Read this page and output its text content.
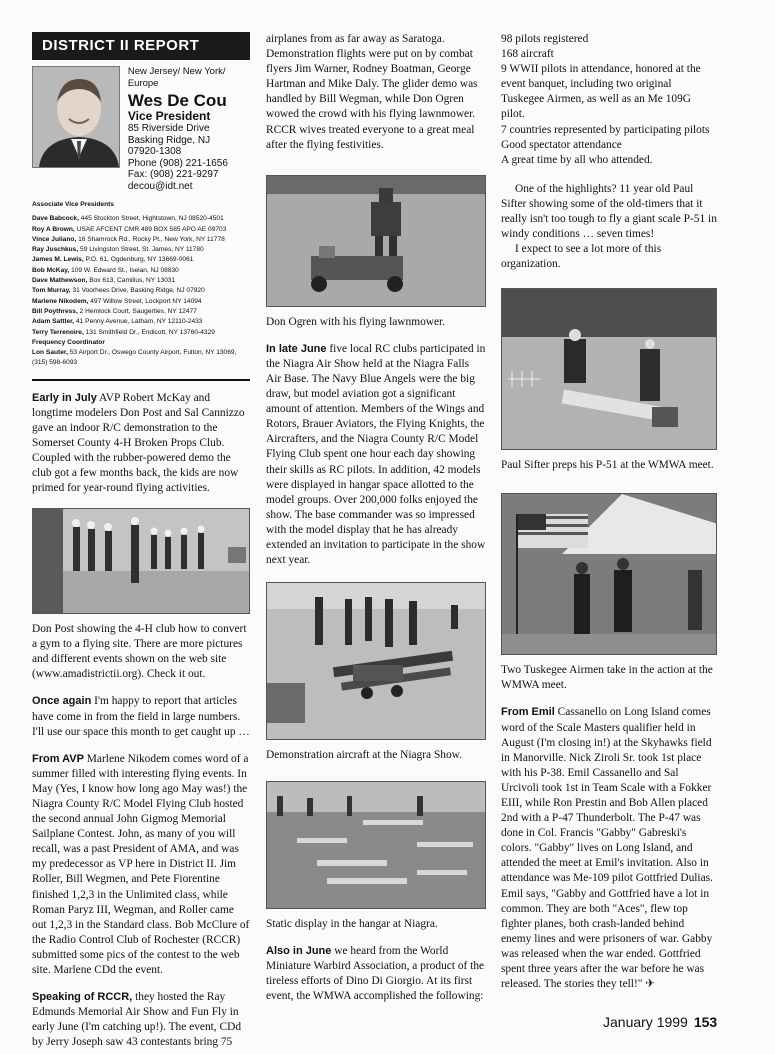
DISTRICT II REPORT
New Jersey/ New York/ Europe
Wes De Cou
Vice President
85 Riverside Drive
Basking Ridge, NJ
07920-1308
Phone (908) 221-1656
Fax: (908) 221-9297
decou@idt.net
Associate Vice Presidents
Dave Babcock, 445 Stockton Street, Hightstown, NJ 08520-4501
Roy A Brown, USAE AFCENT CMR 489 BOX 585 APO AE 09703
Vince Juliano, 16 Shamrock Rd., Rocky Pt., New York, NY 11778
Ray Juschkus, 59 Livingston Street, St. James, NY 11780
James M. Lewis, P.O. 61, Ogdenburg, NY 13669-0061
Bob McKay, 109 W. Edward St., Iselan, NJ 08830
Dave Mathewson, Box 613, Camillus, NY 13031
Tom Murray, 31 Voorhees Drive, Basking Ridge, NJ 07920
Marlene Nikodem, 497 Willow Street, Lockport NY 14094
Bill Poythress, 2 Hemlock Court, Saugerties, NY 12477
Adam Sattler, 41 Penny Avenue, Latham, NY 12110-2433
Terry Terrenoire, 131 Smithfield Dr., Endicott, NY 13760-4329
Frequency Coordinator
Lon Sauter, 53 Airport Dr., Oswego County Airport, Fulton, NY 13069, (315) 598-6093

Early in July AVP Robert McKay and longtime modelers Don Post and Sal Cannizzo gave an indoor R/C demonstration to the Somerset County 4-H Broken Props Club. Coupled with the rubber-powered demo the club got a few months back, the kids are now primed for year-round flying activities.

Don Post showing the 4-H club how to convert a gym to a flying site. There are more pictures and different events shown on the web site (www.amadistrictii.org). Check it out.

Once again I'm happy to report that articles have come in from the field in large numbers. I'll use our space this month to get caught up …

From AVP Marlene Nikodem comes word of a summer filled with interesting flying events. In May (Yes, I know how long ago May was!) the Niagra County R/C Model Flying Club hosted the second annual John Gigmog Memorial Sailplane Contest. John, as many of you will recall, was a past President of AMA, and was my predecessor as VP here in District II. Jim Roller, Bill Wegmen, and Pete Fiorentine finished 1,2,3 in the Unlimited class, while Roman Paryz III, Wegman, and Roller came out 1,2,3 in the Standard class. Bob McClure of the Radio Control Club of Rochester (RCCR) submitted some pics of the contest to the web site. Marlene CDd the event.

Speaking of RCCR, they hosted the Ray Edmunds Memorial Air Show and Fun Fly in early June (I'm catching up!). The event, CDd by Jerry Joseph saw 43 contestants bring 75

airplanes from as far away as Saratoga. Demonstration flights were put on by combat flyers Jim Warner, Rodney Boatman, George Hartman and Mike Daly. The glider demo was handled by Bill Wegman, while Don Ogren wowed the crowd with his flying lawnmower. RCCR wives treated everyone to a great meal after the flying festivities.

Don Ogren with his flying lawnmower.

In late June five local RC clubs participated in the Niagra Air Show held at the Niagra Falls Air Base. The Navy Blue Angels were the big draw, but model aviation got a significant amount of attention. Members of the Wings and Rotors, Brauer Aviators, the Flying Knights, the Aircrafters, and the Niagra County R/C Model Flying Club spent one hour each day showing their skills as RC pilots. In addition, 42 models were displayed in hangar space allotted to the model groups. Over 200,000 folks enjoyed the show. The base commander was so impressed with the model display that he has already extended an invitation to participate in the show next year.

Demonstration aircraft at the Niagra Show.

Static display in the hangar at Niagra.

Also in June we heard from the World Miniature Warbird Association, a product of the tireless efforts of Dino Di Giorgio. At its first event, the WMWA accomplished the following:

98 pilots registered
168 aircraft
9 WWII pilots in attendance, honored at the event banquet, including two original Tuskegee Airmen, as well as an Me 109G pilot.
7 countries represented by participating pilots
Good spectator attendance
A great time by all who attended.

One of the highlights? 11 year old Paul Sifter showing some of the old-timers that it really isn't too tough to fly a giant scale P-51 in windy conditions … seven times!

I expect to see a lot more of this organization.

Paul Sifter preps his P-51 at the WMWA meet.

Two Tuskegee Airmen take in the action at the WMWA meet.

From Emil Cassanello on Long Island comes word of the Scale Masters qualifier held in August (I'm closing in!) at the Skyhawks field in Manorville. Nick Ziroli Sr. took 1st place with his P-38. Emil Cassanello and Sal Urcivoli took 1st in Team Scale with a Fokker EIII, while Ron Prestin and Bob Allen placed 2nd with a P-47 Thunderbolt. The P-47 was done in Col. Francis "Gabby" Gabreski's colors. "Gabby" lives on Long Island, and attended the meet at Emil's invitation. Also in attendance was Me-109 pilot Gottfried Dulias. Emil says, "Gabby and Gottfried have a lot in common. They are both "Aces", flew top fighter planes, both crash-landed behind enemy lines and were prisoners of war. Gabby was released when the war ended. Gottfried spent three years after the war before he was released. The stories they tell!" ✈

January 1999 153
